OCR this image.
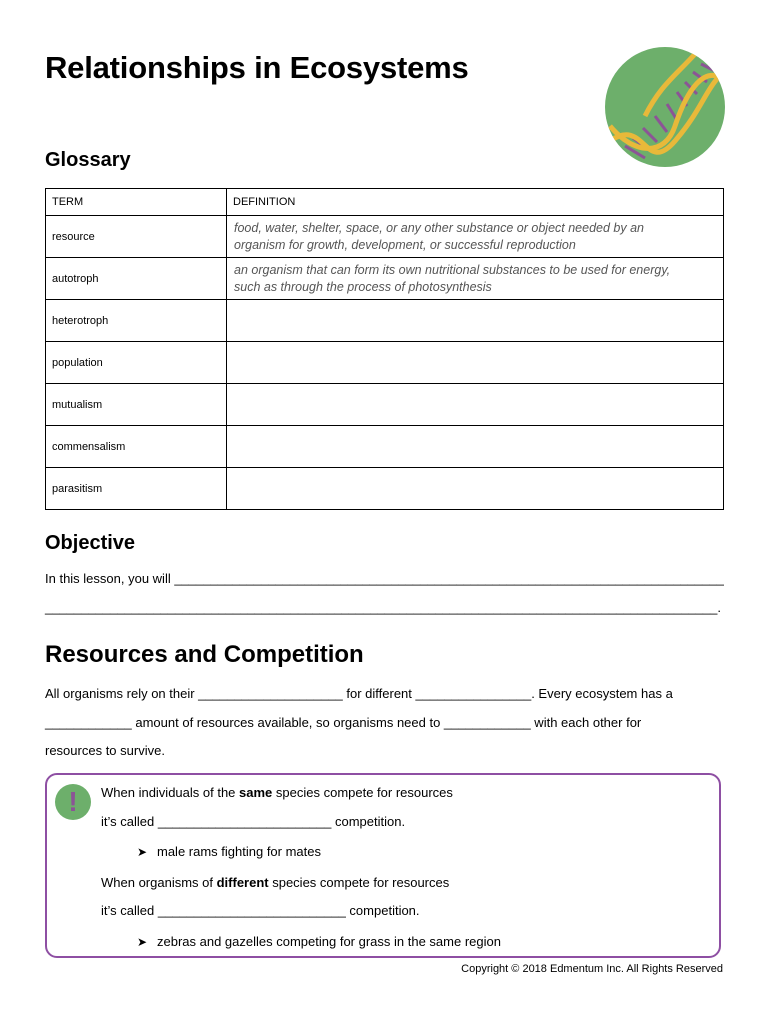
Relationships in Ecosystems
Glossary
TERM	DEFINITION
resource	food, water, shelter, space, or any other substance or object needed by an
organism for growth, development, or successful reproduction

autotroph	an organism that can form its own nutritional substances to be used for energy,
such as through the process of photosynthesis

heterotroph	
population	
mutualism	
commensalism	
parasitism	
Objective
In this lesson, you will ____________________________________________________________________________
_____________________________________________________________________________________________.
Resources and Competition
All organisms rely on their ____________________ for different ________________. Every ecosystem has a
____________ amount of resources available, so organisms need to ____________ with each other for
resources to survive.
!	When individuals of the same species compete for resources
it’s called ________________________ competition.
➤ male rams fighting for mates
When organisms of different species compete for resources
it’s called __________________________ competition.
➤ zebras and gazelles competing for grass in the same region
Copyright © 2018 Edmentum Inc. All Rights Reserved
